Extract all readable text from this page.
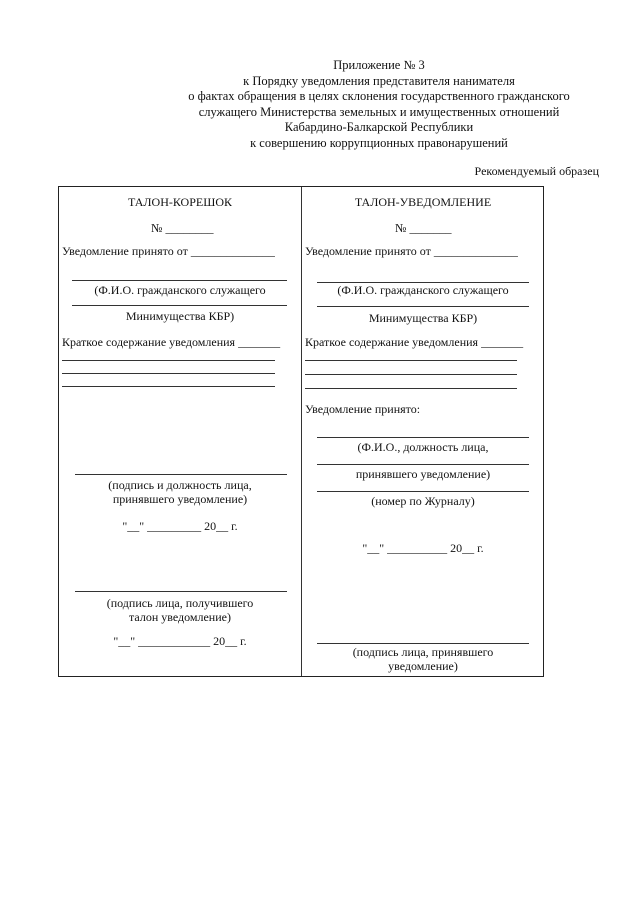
Приложение № 3
к Порядку уведомления представителя нанимателя
о фактах обращения в целях склонения государственного гражданского
служащего Министерства земельных и имущественных отношений
Кабардино-Балкарской Республики
к совершению коррупционных правонарушений
Рекомендуемый образец
ТАЛОН-КОРЕШОК
№ ________
Уведомление принято от ______________
(Ф.И.О. гражданского служащего
Минимущества КБР)
Краткое содержание уведомления _______
(подпись и должность лица,
принявшего уведомление)
"__" _________ 20__ г.
(подпись лица, получившего
талон уведомление)
"__" ____________ 20__ г.
ТАЛОН-УВЕДОМЛЕНИЕ
№ _______
Уведомление принято от ______________
(Ф.И.О. гражданского служащего
Минимущества КБР)
Краткое содержание уведомления _______
Уведомление принято:
(Ф.И.О., должность лица,
принявшего уведомление)
(номер по Журналу)
"__" __________ 20__ г.
(подпись лица, принявшего
уведомление)
